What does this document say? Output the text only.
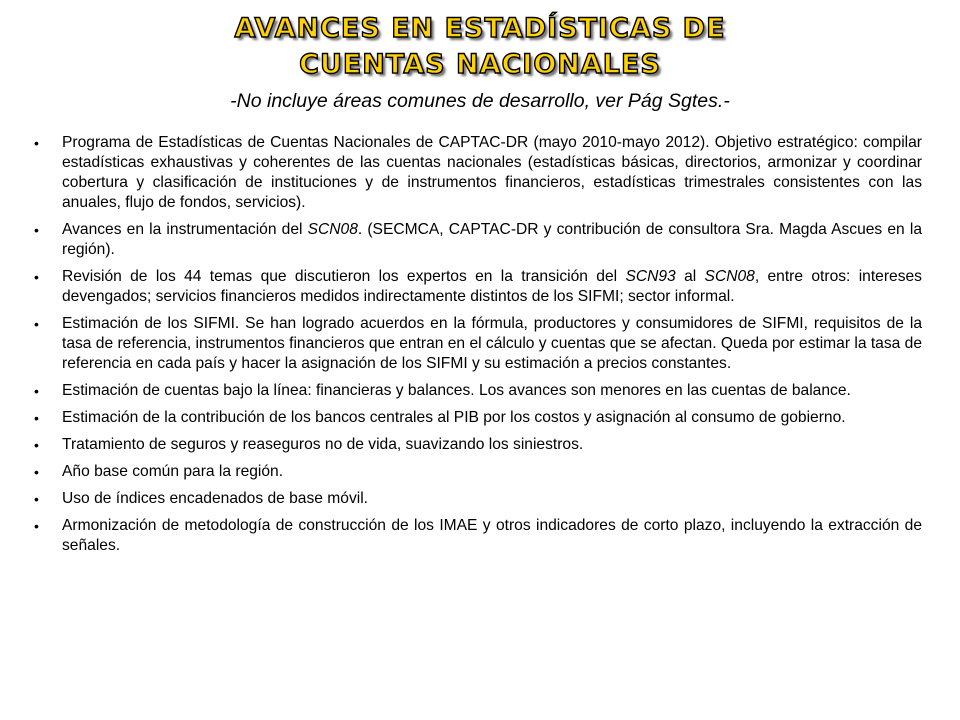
AVANCES EN ESTADÍSTICAS DE
CUENTAS NACIONALES
-No incluye áreas comunes de desarrollo, ver Pág Sgtes.-
• Programa de Estadísticas de Cuentas Nacionales de CAPTAC-DR (mayo 2010-mayo 2012). Objetivo estratégico: compilar estadísticas exhaustivas y coherentes de las cuentas nacionales (estadísticas básicas, directorios, armonizar y coordinar cobertura y clasificación de instituciones y de instrumentos financieros, estadísticas trimestrales consistentes con las anuales, flujo de fondos, servicios).
• Avances en la instrumentación del SCN08. (SECMCA, CAPTAC-DR y contribución de consultora Sra. Magda Ascues en la región).
• Revisión de los 44 temas que discutieron los expertos en la transición del SCN93 al SCN08, entre otros: intereses devengados; servicios financieros medidos indirectamente distintos de los SIFMI; sector informal.
• Estimación de los SIFMI. Se han logrado acuerdos en la fórmula, productores y consumidores de SIFMI, requisitos de la tasa de referencia, instrumentos financieros que entran en el cálculo y cuentas que se afectan. Queda por estimar la tasa de referencia en cada país y hacer la asignación de los SIFMI y su estimación a precios constantes.
• Estimación de cuentas bajo la línea: financieras y balances. Los avances son menores en las cuentas de balance.
• Estimación de la contribución de los bancos centrales al PIB por los costos y asignación al consumo de gobierno.
• Tratamiento de seguros y reaseguros no de vida, suavizando los siniestros.
• Año base común para la región.
• Uso de índices encadenados de base móvil.
• Armonización de metodología de construcción de los IMAE y otros indicadores de corto plazo, incluyendo la extracción de señales.
